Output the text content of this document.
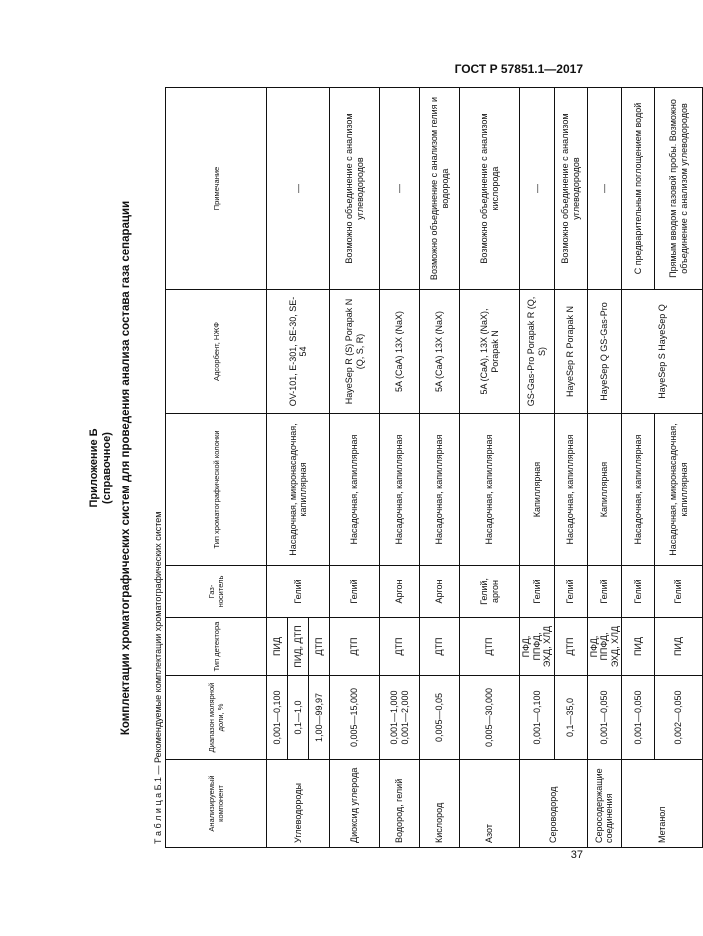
ГОСТ Р 57851.1—2017
Приложение Б (справочное) Комплектации хроматографических систем для проведения анализа состава газа сепарации Т а б л и ц а Б.1 — Рекомендуемые комплектации хроматографических систем	Анализируемый компонент	Диапазон молярной доли, %	Тип детектора	Газ-носитель	Тип хроматографической колонки	Адсорбент, НЖФ	Примечание
Углеводороды	0,001—0,100	ПИД	Гелий	Насадочная, микронасадочная, капиллярная	OV-101, E-301, SE-30, SE-54	—
	0,1—1,0	ПИД, ДТП				
	1,00—99,97	ДТП				
Диоксид углерода	0,005—15,000	ДТП	Гелий	Насадочная, капиллярная	HayeSep R (S) Porapak N (Q, S, R)	Возможно объединение с анализом углеводородов
Водород, гелий	0,001—1,000 0,001—2,000	ДТП	Аргон	Насадочная, капиллярная	5A (CaA) 13X (NaX)	—
Кислород	0,005—0,05	ДТП	Аргон	Насадочная, капиллярная	5A (CaA) 13X (NaX)	Возможно объединение с анализом гелия и водорода
Азот	0,005—30,000	ДТП	Гелий, аргон	Насадочная, капиллярная	5A (CaA), 13X (NaX), Porapak N	Возможно объединение с анализом кислорода
Сероводород	0,001—0,100	ПФД, ППФД, ЭХД, ХЛД	Гелий	Капиллярная	GS-Gas-Pro Porapak R (Q, S)	—
	0,1—35,0	ДТП	Гелий	Насадочная, капиллярная	HayeSep R Porapak N	Возможно объединение с анализом углеводородов
Серосодержащие соединения	0,001—0,050	ПФД, ППФД, ЭХД, ХЛД	Гелий	Капиллярная	HayeSep Q GS-Gas-Pro	—
Метанол	0,001—0,050	ПИД	Гелий	Насадочная, капиллярная	HayeSep S HayeSep Q	С предварительным поглощением водой
	0,002—0,050	ПИД	Гелий	Насадочная, микронасадочная, капиллярная		Прямым вводом газовой пробы. Возможно объединение с анализом углеводородов
37
